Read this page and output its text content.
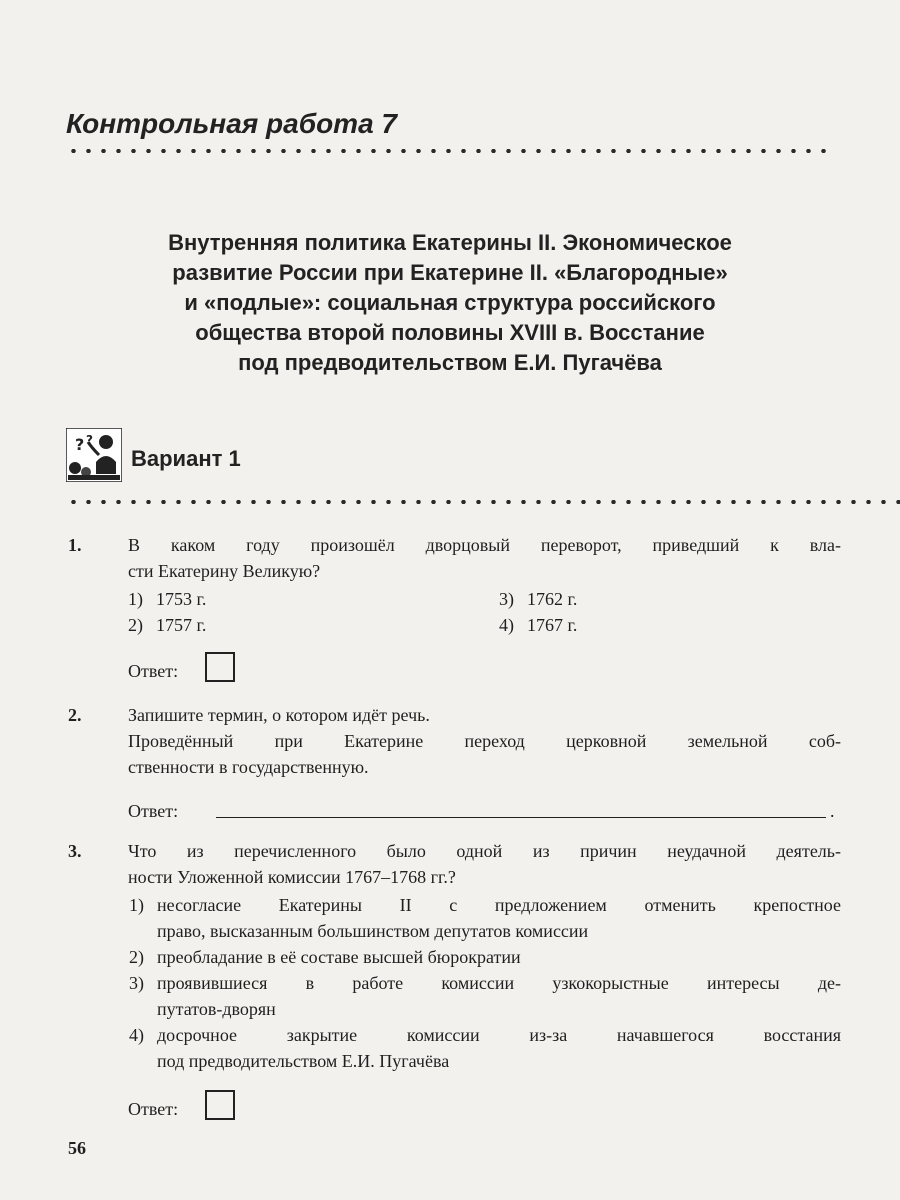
Контрольная работа 7
Внутренняя политика Екатерины II. Экономическое
развитие России при Екатерине II. «Благородные»
и «подлые»: социальная структура российского
общества второй половины XVIII в. Восстание
под предводительством Е.И. Пугачёва
? ?
Вариант 1
1.	В каком году произошёл дворцовый переворот, приведший к вла-

сти Екатерину Великую?

1) 1753 г.
2) 1757 г.
3) 1762 г.
4) 1767 г.
Ответ:
2.	Запишите термин, о котором идёт речь.

Проведённый при Екатерине переход церковной земельной соб-

ственности в государственную.

Ответ:	.
3.	Что из перечисленного было одной из причин неудачной деятель-

ности Уложенной комиссии 1767–1768 гг.?

1) несогласие Екатерины II с предложением отменить крепостное
право, высказанным большинством депутатов комиссии
2) преобладание в её составе высшей бюрократии
3) проявившиеся в работе комиссии узкокорыстные интересы де-
путатов-дворян
4) досрочное закрытие комиссии из-за начавшегося восстания
под предводительством Е.И. Пугачёва
Ответ:
56
